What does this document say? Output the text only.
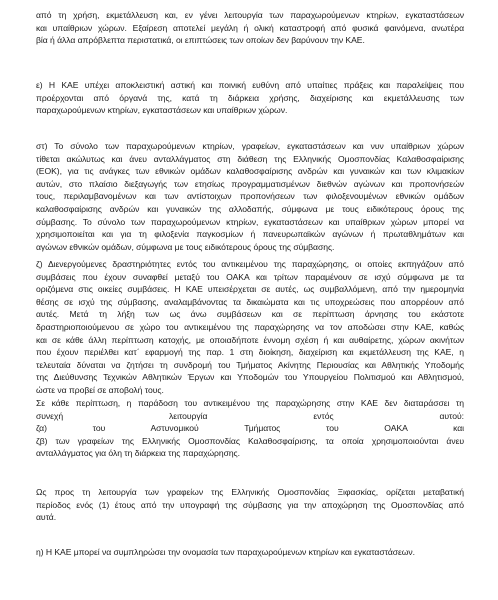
από τη χρήση, εκμετάλλευση και, εν γένει λειτουργία των παραχωρούμενων κτηρίων, εγκαταστάσεων
και υπαίθριων χώρων. Εξαίρεση αποτελεί μεγάλη ή ολική καταστροφή από φυσικά φαινόμενα, ανωτέρα
βία ή άλλα απρόβλεπτα περιστατικά, οι επιπτώσεις των οποίων δεν βαρύνουν την ΚΑΕ.
ε) Η ΚΑΕ υπέχει αποκλειστική αστική και ποινική ευθύνη από υπαίτιες πράξεις και παραλείψεις που
προέρχονται από όργανά της, κατά τη διάρκεια χρήσης, διαχείρισης και εκμετάλλευσης των
παραχωρούμενων κτηρίων, εγκαταστάσεων και υπαίθριων χώρων.
στ) Το σύνολο των παραχωρούμενων κτηρίων, γραφείων, εγκαταστάσεων και νυν υπαίθριων χώρων
τίθεται ακώλυτως και άνευ ανταλλάγματος στη διάθεση της Ελληνικής Ομοσπονδίας Καλαθοσφαίρισης
(ΕΟΚ), για τις ανάγκες των εθνικών ομάδων καλαθοσφαίρισης ανδρών και γυναικών και των κλιμακίων
αυτών, στο πλαίσιο διεξαγωγής των ετησίως προγραμματισμένων διεθνών αγώνων και προπονήσεών
τους, περιλαμβανομένων και των αντίστοιχων προπονήσεων των φιλοξενουμένων εθνικών ομάδων
καλαθοσφαίρισης ανδρών και γυναικών της αλλοδαπής, σύμφωνα με τους ειδικότερους όρους της
σύμβασης. Το σύνολο των παραχωρούμενων κτηρίων, εγκαταστάσεων και υπαίθριων χώρων μπορεί να
χρησιμοποιείται και για τη φιλοξενία παγκοσμίων ή πανευρωπαϊκών αγώνων ή πρωταθλημάτων και
αγώνων εθνικών ομάδων, σύμφωνα με τους ειδικότερους όρους της σύμβασης.
ζ) Διενεργούμενες δραστηριότητες εντός του αντικειμένου της παραχώρησης, οι οποίες εκπηγάζουν από
συμβάσεις που έχουν συναφθεί μεταξύ του ΟΑΚΑ και τρίτων παραμένουν σε ισχύ σύμφωνα με τα
οριζόμενα στις οικείες συμβάσεις. Η ΚΑΕ υπεισέρχεται σε αυτές, ως συμβαλλόμενη, από την ημερομηνία
θέσης σε ισχύ της σύμβασης, αναλαμβάνοντας τα δικαιώματα και τις υποχρεώσεις που απορρέουν από
αυτές. Μετά τη λήξη των ως άνω συμβάσεων και σε περίπτωση άρνησης του εκάστοτε
δραστηριοποιούμενου σε χώρο του αντικειμένου της παραχώρησης να τον αποδώσει στην ΚΑΕ, καθώς
και σε κάθε άλλη περίπτωση κατοχής, με οποιαδήποτε έννομη σχέση ή και αυθαίρετης, χώρων ακινήτων
που έχουν περιέλθει κατ΄ εφαρμογή της παρ. 1 στη διοίκηση, διαχείριση και εκμετάλλευση της ΚΑΕ, η
τελευταία δύναται να ζητήσει τη συνδρομή του Τμήματος Ακίνητης Περιουσίας και Αθλητικής Υποδομής
της Διεύθυνσης Τεχνικών Αθλητικών Έργων και Υποδομών του Υπουργείου Πολιτισμού και Αθλητισμού,
ώστε να προβεί σε αποβολή τους.
Σε κάθε περίπτωση, η παράδοση του αντικειμένου της παραχώρησης στην ΚΑΕ δεν διαταράσσει τη
συνεχή λειτουργία εντός αυτού:
ζα) του Αστυνομικού Τμήματος του ΟΑΚΑ και
ζβ) των γραφείων της Ελληνικής Ομοσπονδίας Καλαθοσφαίρισης, τα οποία χρησιμοποιούνται άνευ
ανταλλάγματος για όλη τη διάρκεια της παραχώρησης.
Ως προς τη λειτουργία των γραφείων της Ελληνικής Ομοσπονδίας Ξιφασκίας, ορίζεται μεταβατική
περίοδος ενός (1) έτους από την υπογραφή της σύμβασης για την αποχώρηση της Ομοσπονδίας από
αυτά.
η) Η ΚΑΕ μπορεί να συμπληρώσει την ονομασία των παραχωρούμενων κτηρίων και εγκαταστάσεων.
